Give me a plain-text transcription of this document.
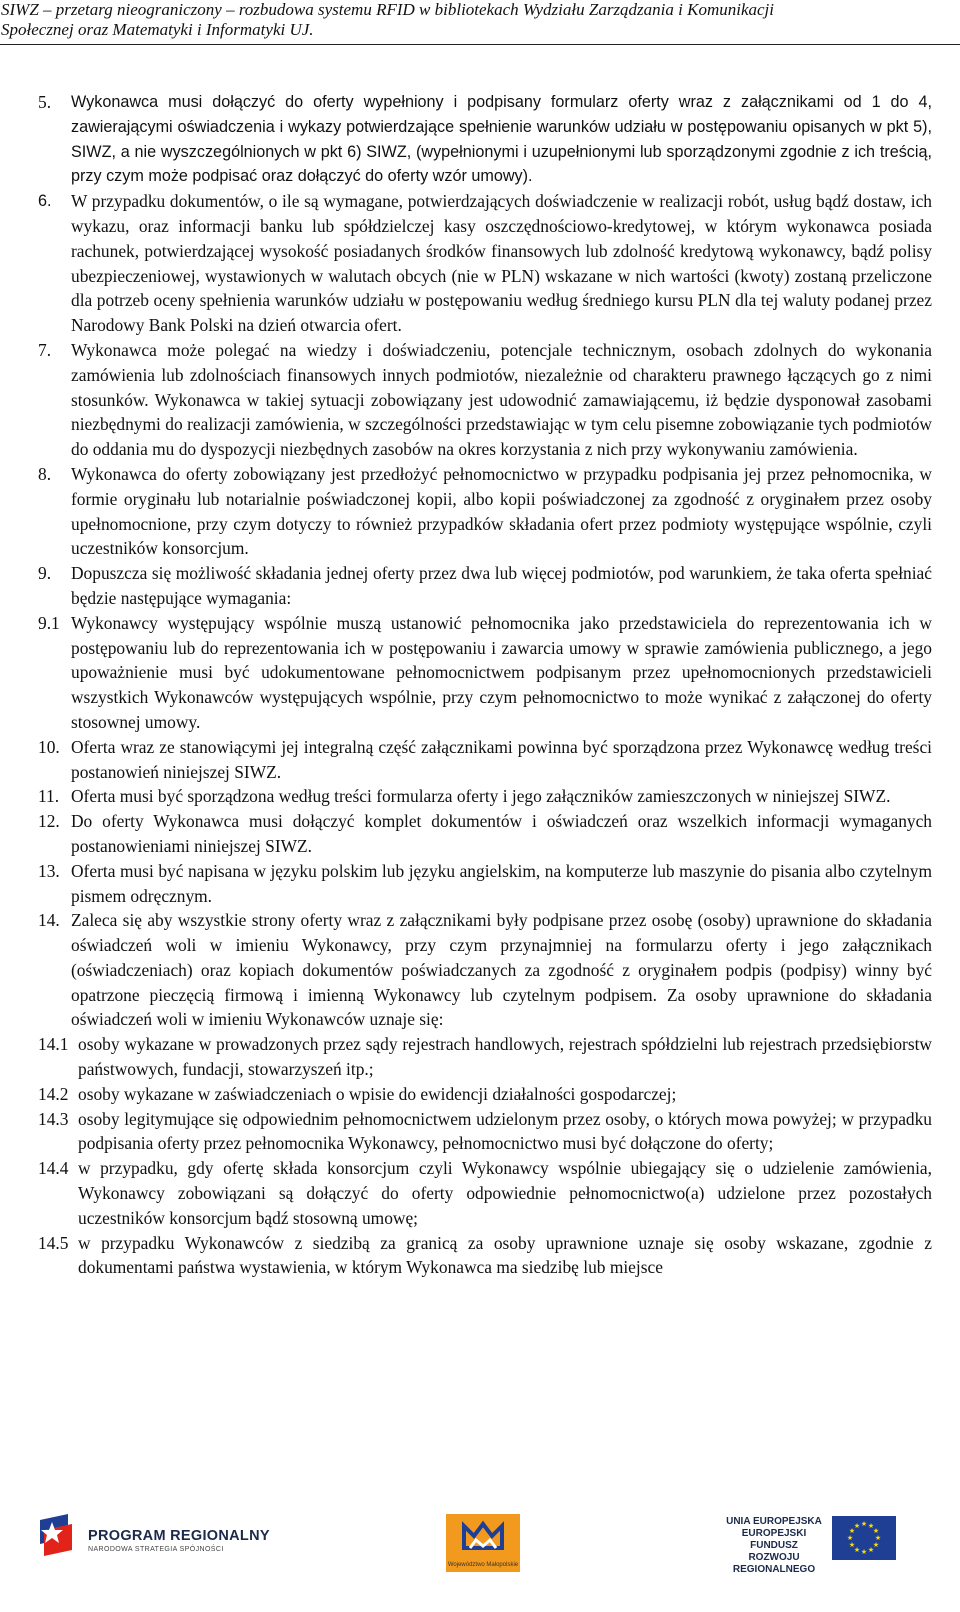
SIWZ – przetarg nieograniczony – rozbudowa systemu RFID w bibliotekach Wydziału Zarządzania i Komunikacji
Społecznej oraz Matematyki i Informatyki UJ.
5.	Wykonawca musi dołączyć do oferty wypełniony i podpisany formularz oferty wraz z załącznikami od 1 do 4, zawierającymi oświadczenia i wykazy potwierdzające spełnienie warunków udziału w postępowaniu opisanych w pkt 5), SIWZ, a nie wyszczególnionych w pkt 6) SIWZ, (wypełnionymi i uzupełnionymi lub sporządzonymi zgodnie z ich treścią, przy czym może podpisać oraz dołączyć do oferty wzór umowy).
6.	W przypadku dokumentów, o ile są wymagane, potwierdzających doświadczenie w realizacji robót, usług bądź dostaw, ich wykazu, oraz informacji banku lub spółdzielczej kasy oszczędnościowo-kredytowej, w którym wykonawca posiada rachunek, potwierdzającej wysokość posiadanych środków finansowych lub zdolność kredytową wykonawcy, bądź polisy ubezpieczeniowej, wystawionych w walutach obcych (nie w PLN) wskazane w nich wartości (kwoty) zostaną przeliczone dla potrzeb oceny spełnienia warunków udziału w postępowaniu według średniego kursu PLN dla tej waluty podanej przez Narodowy Bank Polski na dzień otwarcia ofert.
7.	Wykonawca może polegać na wiedzy i doświadczeniu, potencjale technicznym, osobach zdolnych do wykonania zamówienia lub zdolnościach finansowych innych podmiotów, niezależnie od charakteru prawnego łączących go z nimi stosunków. Wykonawca w takiej sytuacji zobowiązany jest udowodnić zamawiającemu, iż będzie dysponował zasobami niezbędnymi do realizacji zamówienia, w szczególności przedstawiając w tym celu pisemne zobowiązanie tych podmiotów do oddania mu do dyspozycji niezbędnych zasobów na okres korzystania z nich przy wykonywaniu zamówienia.
8.	Wykonawca do oferty zobowiązany jest przedłożyć pełnomocnictwo w przypadku podpisania jej przez pełnomocnika, w formie oryginału lub notarialnie poświadczonej kopii, albo kopii poświadczonej za zgodność z oryginałem przez osoby upełnomocnione, przy czym dotyczy to również przypadków składania ofert przez podmioty występujące wspólnie, czyli uczestników konsorcjum.
9.	Dopuszcza się możliwość składania jednej oferty przez dwa lub więcej podmiotów, pod warunkiem, że taka oferta spełniać będzie następujące wymagania:
9.1 Wykonawcy występujący wspólnie muszą ustanowić pełnomocnika jako przedstawiciela do reprezentowania ich w postępowaniu lub do reprezentowania ich w postępowaniu i zawarcia umowy w sprawie zamówienia publicznego, a jego upoważnienie musi być udokumentowane pełnomocnictwem podpisanym przez upełnomocnionych przedstawicieli wszystkich Wykonawców występujących wspólnie, przy czym pełnomocnictwo to może wynikać z załączonej do oferty stosownej umowy.
10. Oferta wraz ze stanowiącymi jej integralną część załącznikami powinna być sporządzona przez Wykonawcę według treści postanowień niniejszej SIWZ.
11. Oferta musi być sporządzona według treści formularza oferty i jego załączników zamieszczonych w niniejszej SIWZ.
12. Do oferty Wykonawca musi dołączyć komplet dokumentów i oświadczeń oraz wszelkich informacji wymaganych postanowieniami niniejszej SIWZ.
13. Oferta musi być napisana w języku polskim lub języku angielskim, na komputerze lub maszynie do pisania albo czytelnym pismem odręcznym.
14. Zaleca się aby wszystkie strony oferty wraz z załącznikami były podpisane przez osobę (osoby) uprawnione do składania oświadczeń woli w imieniu Wykonawcy, przy czym przynajmniej na formularzu oferty i jego załącznikach (oświadczeniach) oraz kopiach dokumentów poświadczanych za zgodność z oryginałem podpis (podpisy) winny być opatrzone pieczęcią firmową i imienną Wykonawcy lub czytelnym podpisem. Za osoby uprawnione do składania oświadczeń woli w imieniu Wykonawców uznaje się:
14.1 osoby wykazane w prowadzonych przez sądy rejestrach handlowych, rejestrach spółdzielni lub rejestrach przedsiębiorstw państwowych, fundacji, stowarzyszeń itp.;
14.2 osoby wykazane w zaświadczeniach o wpisie do ewidencji działalności gospodarczej;
14.3 osoby legitymujące się odpowiednim pełnomocnictwem udzielonym przez osoby, o których mowa powyżej; w przypadku podpisania oferty przez pełnomocnika Wykonawcy, pełnomocnictwo musi być dołączone do oferty;
14.4 w przypadku, gdy ofertę składa konsorcjum czyli Wykonawcy wspólnie ubiegający się o udzielenie zamówienia, Wykonawcy zobowiązani są dołączyć do oferty odpowiednie pełnomocnictwo(a) udzielone przez pozostałych uczestników konsorcjum bądź stosowną umowę;
14.5 w przypadku Wykonawców z siedzibą za granicą za osoby uprawnione uznaje się osoby wskazane, zgodnie z dokumentami państwa wystawienia, w którym Wykonawca ma siedzibę lub miejsce
PROGRAM REGIONALNY
NARODOWA STRATEGIA SPÓJNOŚCI
Województwo Małopolskie
UNIA EUROPEJSKA
EUROPEJSKI FUNDUSZ
ROZWOJU REGIONALNEGO
★ ★
★
★
★
★
★
★
★
★
★
★
